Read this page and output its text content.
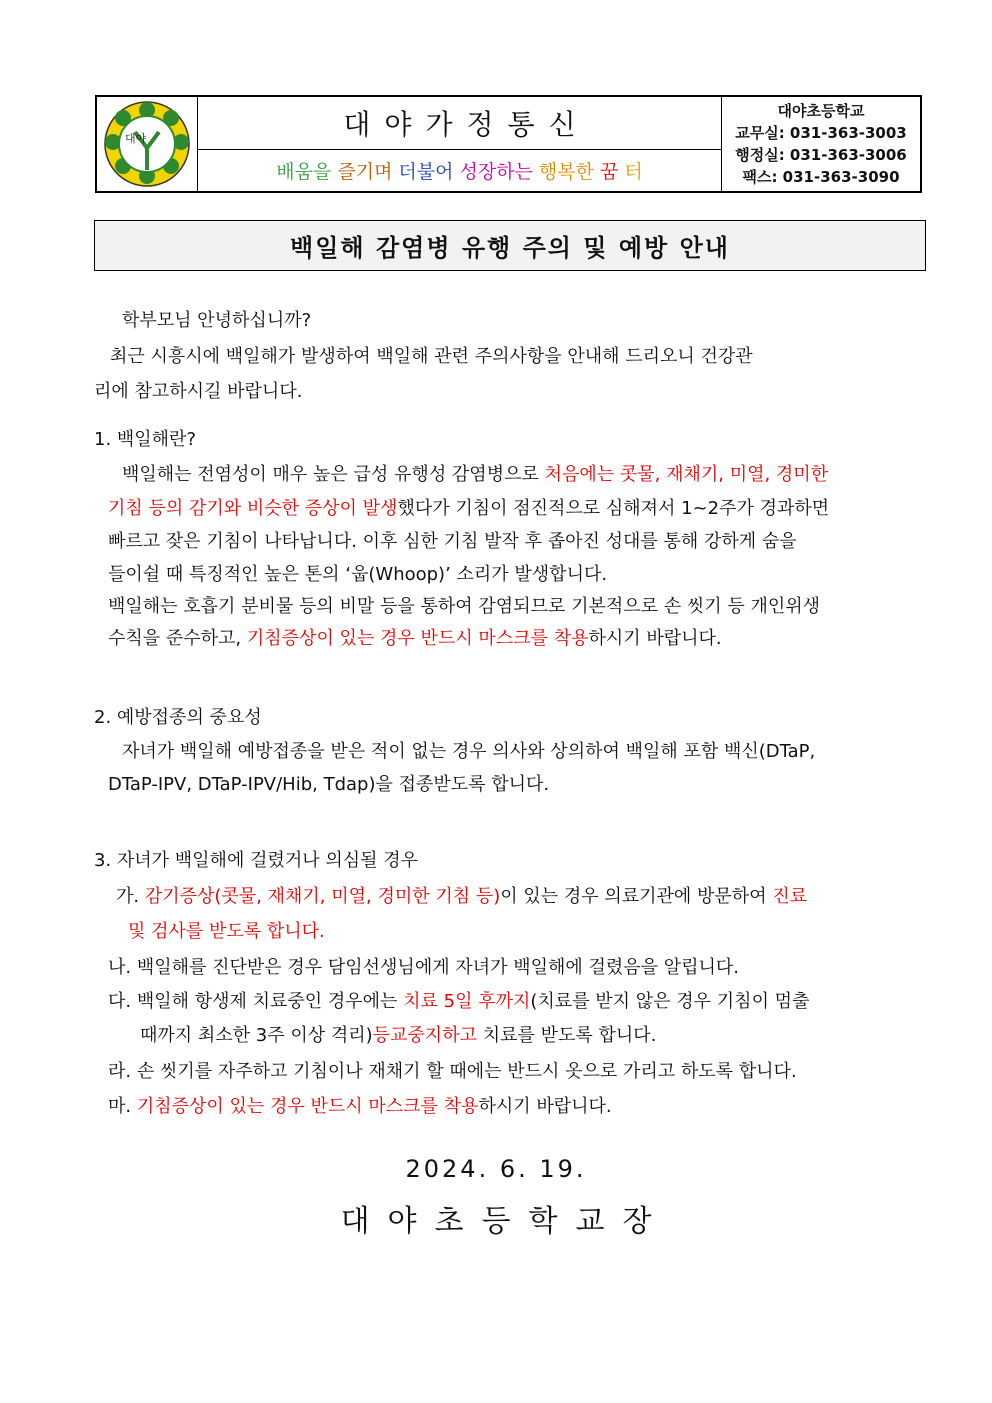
대야	대야가정통신
배움을 즐기며 더불어 성장하는 행복한 꿈 터
대야초등학교
교무실: 031-363-3003
행정실: 031-363-3006
팩스: 031-363-3090
백일해 감염병 유행 주의 및 예방 안내
학부모님 안녕하십니까?
최근 시흥시에 백일해가 발생하여 백일해 관련 주의사항을 안내해 드리오니 건강관
리에 참고하시길 바랍니다.
1. 백일해란?
백일해는 전염성이 매우 높은 급성 유행성 감염병으로 처음에는 콧물, 재채기, 미열, 경미한
기침 등의 감기와 비슷한 증상이 발생했다가 기침이 점진적으로 심해져서 1~2주가 경과하면
빠르고 잦은 기침이 나타납니다. 이후 심한 기침 발작 후 좁아진 성대를 통해 강하게 숨을
들이쉴 때 특징적인 높은 톤의 ‘웁(Whoop)’ 소리가 발생합니다.
백일해는 호흡기 분비물 등의 비말 등을 통하여 감염되므로 기본적으로 손 씻기 등 개인위생
수칙을 준수하고, 기침증상이 있는 경우 반드시 마스크를 착용하시기 바랍니다.
2. 예방접종의 중요성
자녀가 백일해 예방접종을 받은 적이 없는 경우 의사와 상의하여 백일해 포함 백신(DTaP,
DTaP-IPV, DTaP-IPV/Hib, Tdap)을 접종받도록 합니다.
3. 자녀가 백일해에 걸렸거나 의심될 경우
가. 감기증상(콧물, 재채기, 미열, 경미한 기침 등)이 있는 경우 의료기관에 방문하여 진료
및 검사를 받도록 합니다.
나. 백일해를 진단받은 경우 담임선생님에게 자녀가 백일해에 걸렸음을 알립니다.
다. 백일해 항생제 치료중인 경우에는 치료 5일 후까지(치료를 받지 않은 경우 기침이 멈출
때까지 최소한 3주 이상 격리)등교중지하고 치료를 받도록 합니다.
라. 손 씻기를 자주하고 기침이나 재채기 할 때에는 반드시 옷으로 가리고 하도록 합니다.
마. 기침증상이 있는 경우 반드시 마스크를 착용하시기 바랍니다.
2024. 6. 19.
대야초등학교장
